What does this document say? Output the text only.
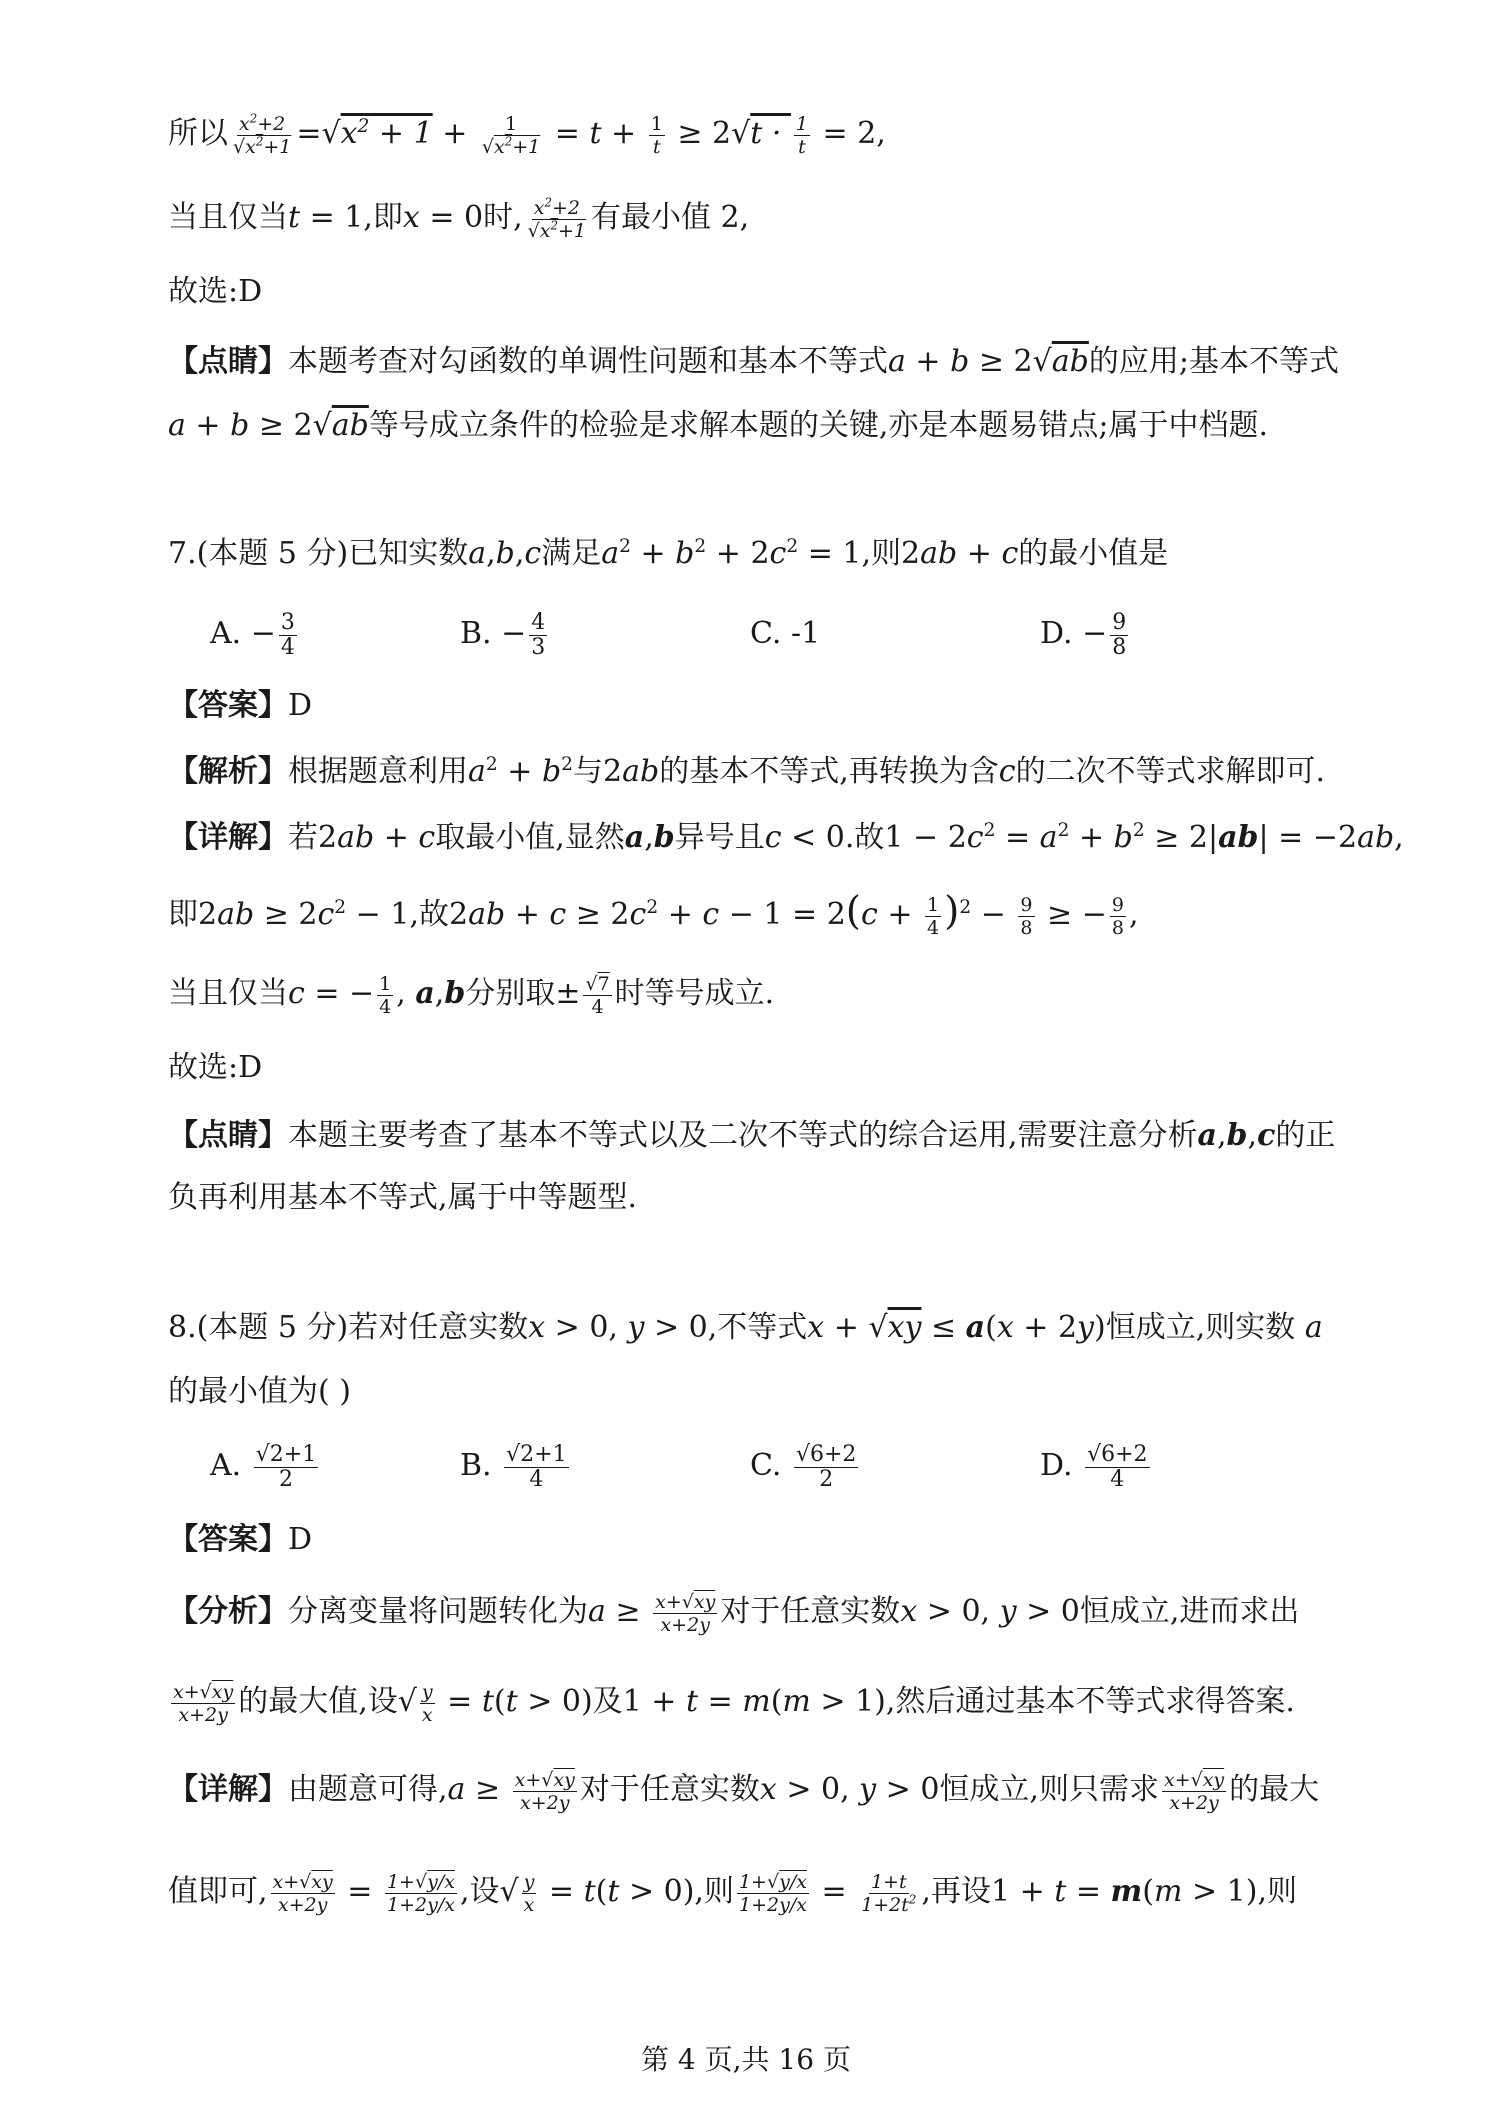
所以 $\frac{x^2+2}{√x^2+1} =√x^2 + 1 + \frac{1}{√x^2+1} = t + \frac{1}{t} \ge 2√t \cdot \frac{1}{t} = 2$,
当且仅当t = 1,即x = 0时, $\frac{x^2+2}{√x^2+1}$ 有最小值 2,
故选:D
【点睛】本题考查对勾函数的单调性问题和基本不等式a + b ≥ 2√ab的应用;基本不等式
a + b ≥ 2√ab等号成立条件的检验是求解本题的关键,亦是本题易错点;属于中档题.
7.(本题 5 分)已知实数a,b,c满足$a^2 + b^2 + 2c^2 = 1$,则2ab + c的最小值是
A. − $\frac{3}{4}$	B. − $\frac{4}{3}$	C. -1	D. − $\frac{9}{8}$
【答案】D
【解析】根据题意利用$a^2 + b^2$与2ab的基本不等式,再转换为含c的二次不等式求解即可.
【详解】若2ab + c取最小值,显然a,b异号且c < 0.故$1 - 2c^2 = a^2 + b^2 \ge 2|ab| = -2ab$,
即$2ab \ge 2c^2 - 1$,故$2ab + c \ge 2c^2 + c - 1 = 2(c + \frac{1}{4} )^2 - \frac{9}{8}$ ≥ − $\frac{9}{8}$ ,
当且仅当c = − $\frac{1}{4}$ , a,b分别取± $\frac{√7}{4}$ 时等号成立.
故选:D
【点睛】本题主要考查了基本不等式以及二次不等式的综合运用,需要注意分析a,b,c的正
负再利用基本不等式,属于中等题型.
8.(本题 5 分)若对任意实数x > 0, y > 0,不等式x + √xy ≤ a(x + 2y)恒成立,则实数 a
的最小值为( )
A. $\frac{√2+1}{2}$	B. $\frac{√2+1}{4}$	C. $\frac{√6+2}{2}$	D. $\frac{√6+2}{4}$
【答案】D
【分析】分离变量将问题转化为$a \ge \frac{x+√xy}{x+2y}$ 对于任意实数x > 0, y > 0恒成立,进而求出
$\frac{x+√xy}{x+2y}$ 的最大值,设√ $\frac{y}{x} = t(t > 0)$及1 + t = m(m > 1),然后通过基本不等式求得答案.
【详解】由题意可得$,a \ge \frac{x+√xy}{x+2y}$ 对于任意实数x > 0, y > 0恒成立,则只需求 $\frac{x+√xy}{x+2y}$ 的最大
值即可, $\frac{x+√xy}{x+2y} = \frac{1+√y/x}{1+2y/x}$ ,设√ $\frac{y}{x} = t(t > 0)$,则 $\frac{1+√y/x}{1+2y/x} = \frac{1+t}{1+2t^2}$ ,再设1 + t = m(m > 1),则
第 4 页,共 16 页
